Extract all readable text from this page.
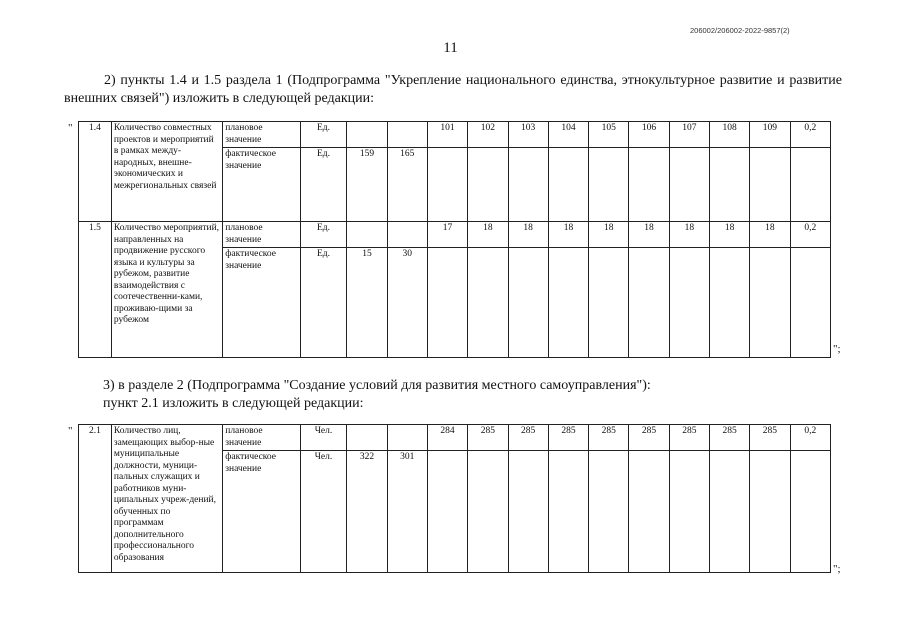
206002/206002-2022-9857(2)
11
2) пункты 1.4 и 1.5 раздела 1 (Подпрограмма "Укрепление национального единства, этнокультурное развитие и развитие внешних связей") изложить в следующей редакции:
"
";
1.4	Количество совместных проектов и мероприятий в рамках между-народных, внешне-экономических и межрегиональных связей	плановое значение	Ед.			101	102	103	104	105	106	107	108	109	0,2
		фактическое значение	Ед.	159	165										
1.5	Количество мероприятий, направленных на продвижение русского языка и культуры за рубежом, развитие взаимодействия с соотечественни-ками, проживаю-щими за рубежом	плановое значение	Ед.			17	18	18	18	18	18	18	18	18	0,2
		фактическое значение	Ед.	15	30										
3) в разделе 2 (Подпрограмма "Создание условий для развития местного самоуправления"):
пункт 2.1 изложить в следующей редакции:
"
";
2.1	Количество лиц, замещающих выбор-ные муниципальные должности, муници-пальных служащих и работников муни-ципальных учреж-дений, обученных по программам дополнительного профессионального образования	плановое значение	Чел.			284	285	285	285	285	285	285	285	285	0,2
		фактическое значение	Чел.	322	301										
